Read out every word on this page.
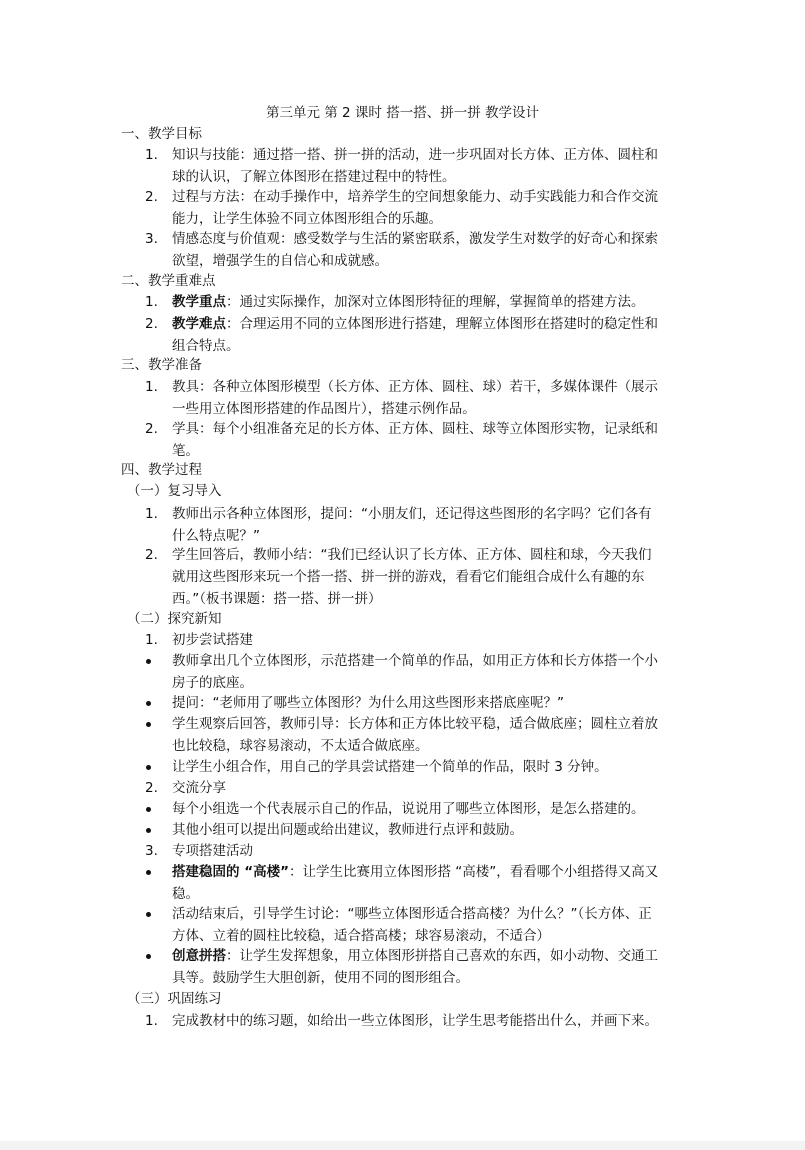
第三单元 第 2 课时 搭一搭、拼一拼 教学设计
一、教学目标
1.	知识与技能：通过搭一搭、拼一拼的活动，进一步巩固对长方体、正方体、圆柱和
球的认识，了解立体图形在搭建过程中的特性。
2.	过程与方法：在动手操作中，培养学生的空间想象能力、动手实践能力和合作交流
能力，让学生体验不同立体图形组合的乐趣。
3.	情感态度与价值观：感受数学与生活的紧密联系，激发学生对数学的好奇心和探索
欲望，增强学生的自信心和成就感。
二、教学重难点
1.	教学重点：通过实际操作，加深对立体图形特征的理解，掌握简单的搭建方法。
2.	教学难点：合理运用不同的立体图形进行搭建，理解立体图形在搭建时的稳定性和
组合特点。
三、教学准备
1.	教具：各种立体图形模型（长方体、正方体、圆柱、球）若干，多媒体课件（展示
一些用立体图形搭建的作品图片），搭建示例作品。
2.	学具：每个小组准备充足的长方体、正方体、圆柱、球等立体图形实物，记录纸和
笔。
四、教学过程
（一）复习导入
1.	教师出示各种立体图形，提问：“小朋友们，还记得这些图形的名字吗？它们各有
什么特点呢？”
2.	学生回答后，教师小结：“我们已经认识了长方体、正方体、圆柱和球，今天我们
就用这些图形来玩一个搭一搭、拼一拼的游戏，看看它们能组合成什么有趣的东
西。”（板书课题：搭一搭、拼一拼）
（二）探究新知
1.	初步尝试搭建
教师拿出几个立体图形，示范搭建一个简单的作品，如用正方体和长方体搭一个小
房子的底座。
提问：“老师用了哪些立体图形？为什么用这些图形来搭底座呢？”
学生观察后回答，教师引导：长方体和正方体比较平稳，适合做底座；圆柱立着放
也比较稳，球容易滚动，不太适合做底座。
让学生小组合作，用自己的学具尝试搭建一个简单的作品，限时 3 分钟。
2.	交流分享
每个小组选一个代表展示自己的作品，说说用了哪些立体图形，是怎么搭建的。
其他小组可以提出问题或给出建议，教师进行点评和鼓励。
3.	专项搭建活动
搭建稳固的 “高楼”：让学生比赛用立体图形搭 “高楼”，看看哪个小组搭得又高又
稳。
活动结束后，引导学生讨论：“哪些立体图形适合搭高楼？为什么？”（长方体、正
方体、立着的圆柱比较稳，适合搭高楼；球容易滚动，不适合）
创意拼搭：让学生发挥想象，用立体图形拼搭自己喜欢的东西，如小动物、交通工
具等。鼓励学生大胆创新，使用不同的图形组合。
（三）巩固练习
1.	完成教材中的练习题，如给出一些立体图形，让学生思考能搭出什么，并画下来。
